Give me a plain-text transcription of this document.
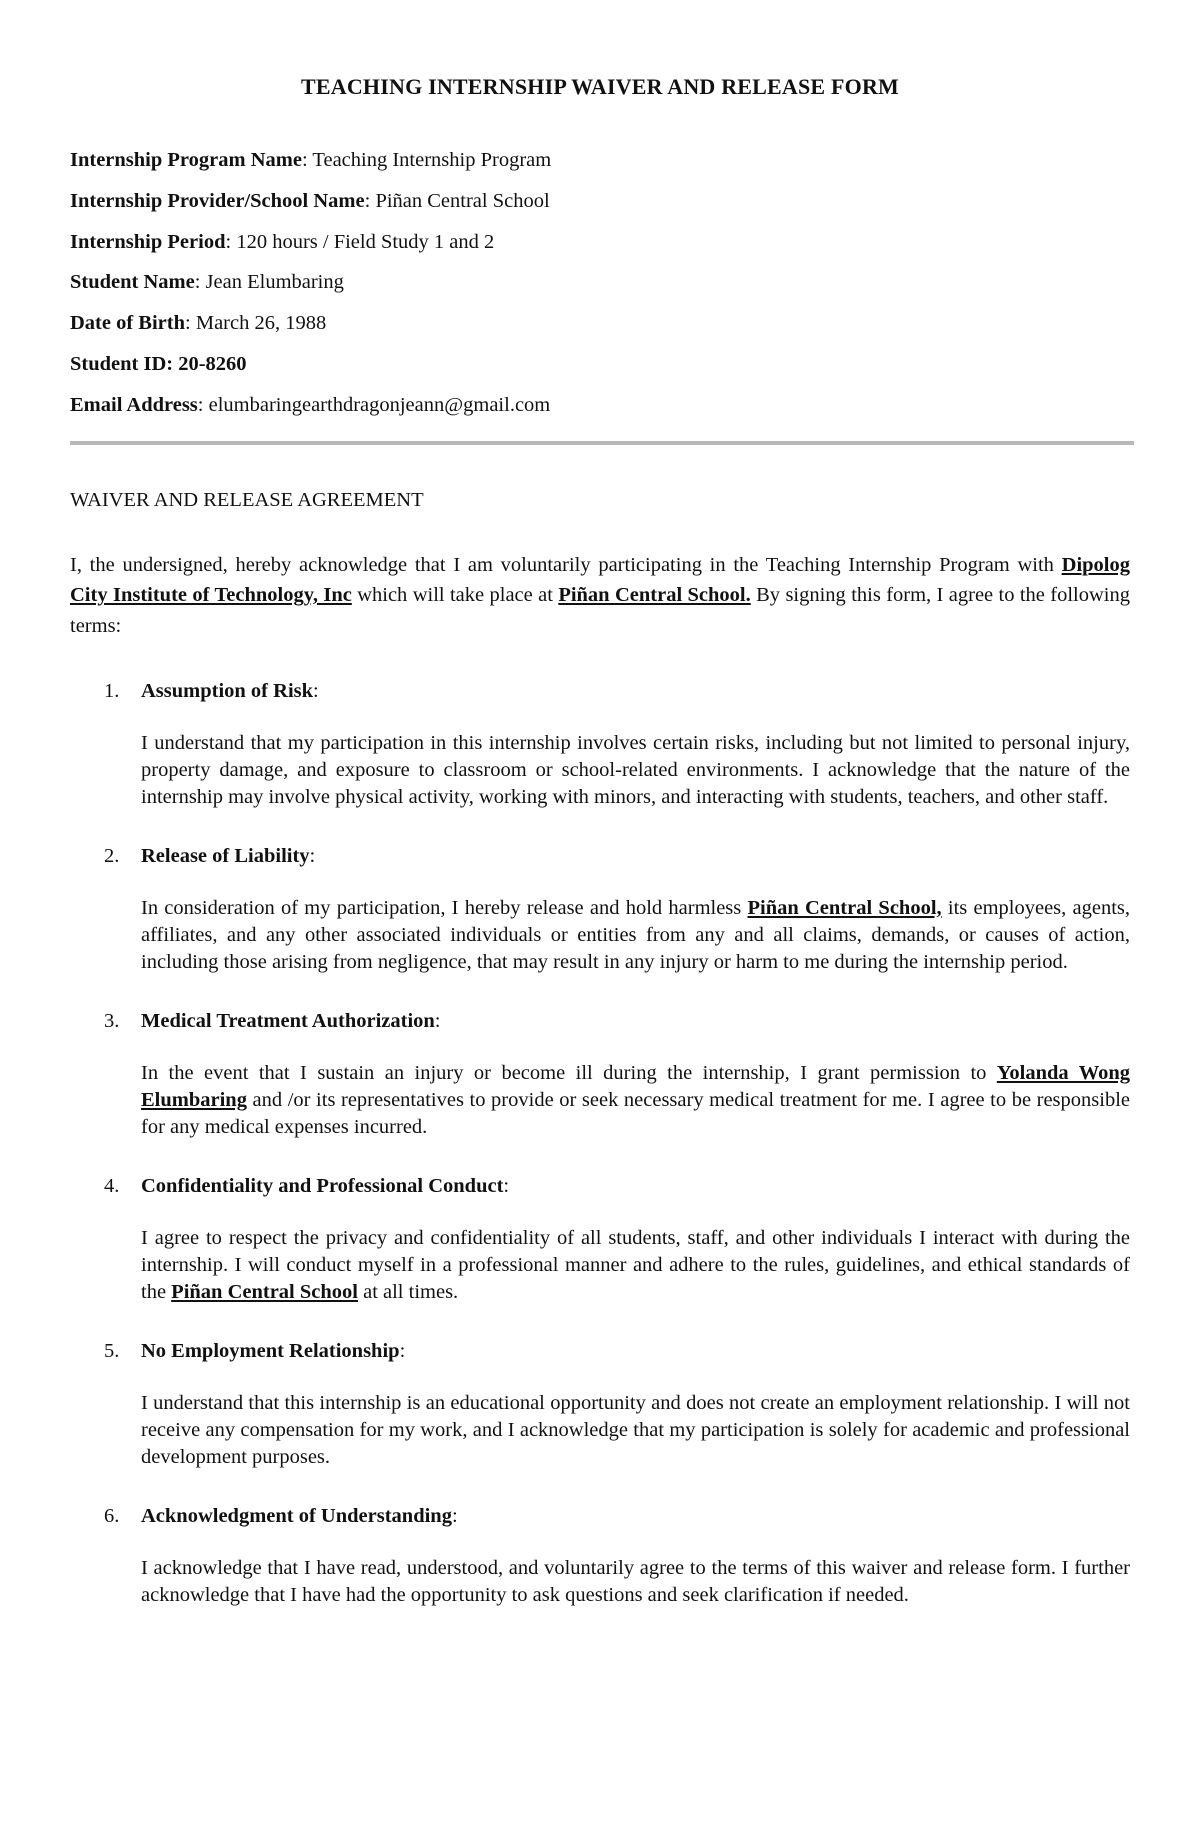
TEACHING INTERNSHIP WAIVER AND RELEASE FORM
Internship Program Name: Teaching Internship Program
Internship Provider/School Name: Piñan Central School
Internship Period: 120 hours / Field Study 1 and 2
Student Name: Jean Elumbaring
Date of Birth: March 26, 1988
Student ID: 20-8260
Email Address: elumbaringearthdragonjeann@gmail.com
WAIVER AND RELEASE AGREEMENT
I, the undersigned, hereby acknowledge that I am voluntarily participating in the Teaching Internship Program with Dipolog City Institute of Technology, Inc which will take place at Piñan Central School. By signing this form, I agree to the following terms:
1. Assumption of Risk:
I understand that my participation in this internship involves certain risks, including but not limited to personal injury, property damage, and exposure to classroom or school-related environments. I acknowledge that the nature of the internship may involve physical activity, working with minors, and interacting with students, teachers, and other staff.
2. Release of Liability:
In consideration of my participation, I hereby release and hold harmless Piñan Central School, its employees, agents, affiliates, and any other associated individuals or entities from any and all claims, demands, or causes of action, including those arising from negligence, that may result in any injury or harm to me during the internship period.
3. Medical Treatment Authorization:
In the event that I sustain an injury or become ill during the internship, I grant permission to Yolanda Wong Elumbaring and /or its representatives to provide or seek necessary medical treatment for me. I agree to be responsible for any medical expenses incurred.
4. Confidentiality and Professional Conduct:
I agree to respect the privacy and confidentiality of all students, staff, and other individuals I interact with during the internship. I will conduct myself in a professional manner and adhere to the rules, guidelines, and ethical standards of the Piñan Central School at all times.
5. No Employment Relationship:
I understand that this internship is an educational opportunity and does not create an employment relationship. I will not receive any compensation for my work, and I acknowledge that my participation is solely for academic and professional development purposes.
6. Acknowledgment of Understanding:
I acknowledge that I have read, understood, and voluntarily agree to the terms of this waiver and release form. I further acknowledge that I have had the opportunity to ask questions and seek clarification if needed.
